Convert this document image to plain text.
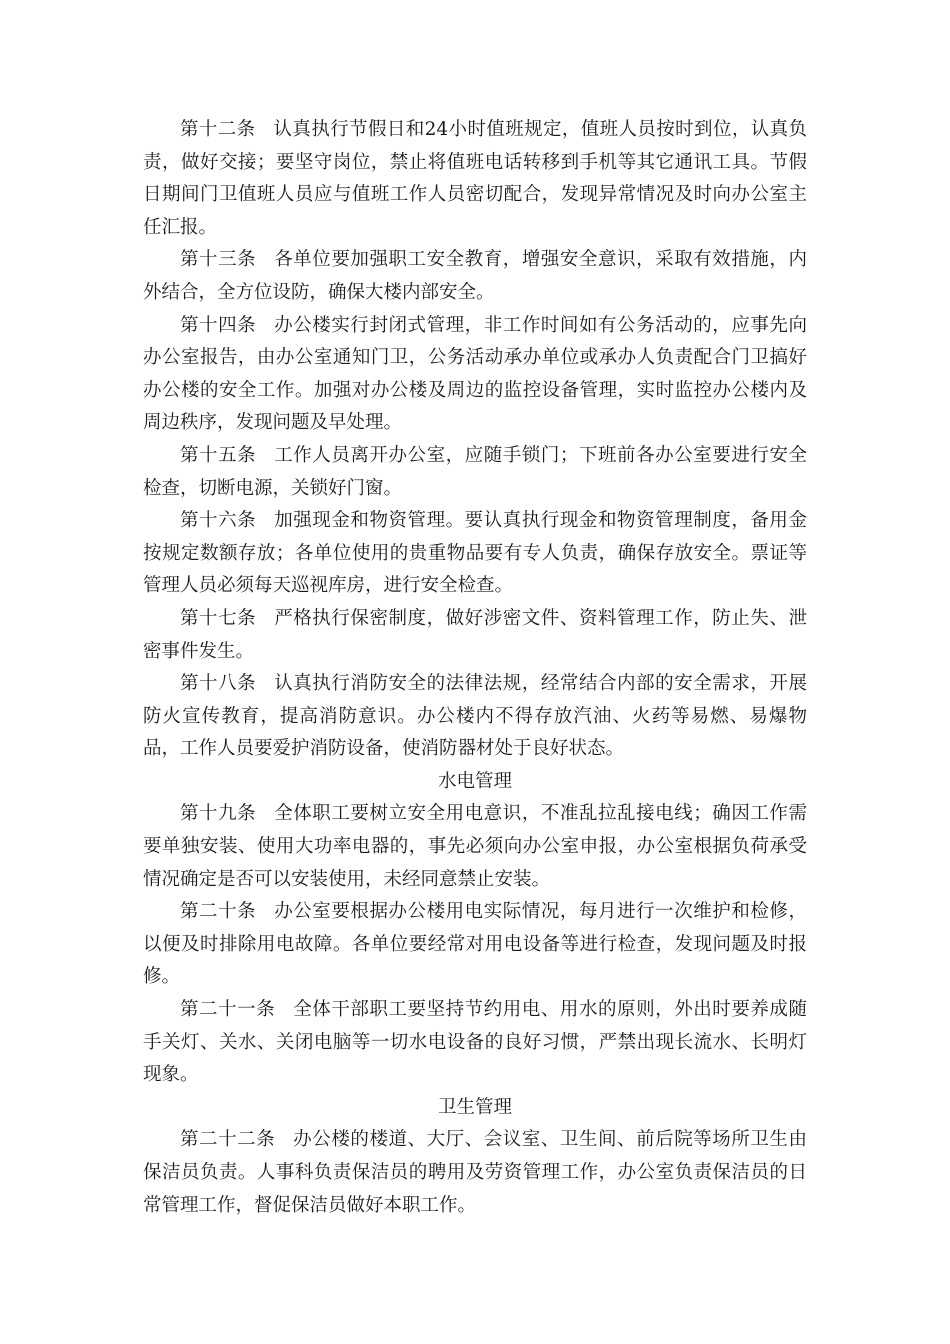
第十二条 认真执行节假日和24小时值班规定，值班人员按时到位，认真负责，做好交接；要坚守岗位，禁止将值班电话转移到手机等其它通讯工具。节假日期间门卫值班人员应与值班工作人员密切配合，发现异常情况及时向办公室主任汇报。

第十三条 各单位要加强职工安全教育，增强安全意识，采取有效措施，内外结合，全方位设防，确保大楼内部安全。

第十四条 办公楼实行封闭式管理，非工作时间如有公务活动的，应事先向办公室报告，由办公室通知门卫，公务活动承办单位或承办人负责配合门卫搞好办公楼的安全工作。加强对办公楼及周边的监控设备管理，实时监控办公楼内及周边秩序，发现问题及早处理。

第十五条 工作人员离开办公室，应随手锁门；下班前各办公室要进行安全检查，切断电源，关锁好门窗。

第十六条 加强现金和物资管理。要认真执行现金和物资管理制度，备用金按规定数额存放；各单位使用的贵重物品要有专人负责，确保存放安全。票证等管理人员必须每天巡视库房，进行安全检查。

第十七条 严格执行保密制度，做好涉密文件、资料管理工作，防止失、泄密事件发生。

第十八条 认真执行消防安全的法律法规，经常结合内部的安全需求，开展防火宣传教育，提高消防意识。办公楼内不得存放汽油、火药等易燃、易爆物品，工作人员要爱护消防设备，使消防器材处于良好状态。

水电管理

第十九条 全体职工要树立安全用电意识，不准乱拉乱接电线；确因工作需要单独安装、使用大功率电器的，事先必须向办公室申报，办公室根据负荷承受情况确定是否可以安装使用，未经同意禁止安装。

第二十条 办公室要根据办公楼用电实际情况，每月进行一次维护和检修，以便及时排除用电故障。各单位要经常对用电设备等进行检查，发现问题及时报修。

第二十一条 全体干部职工要坚持节约用电、用水的原则，外出时要养成随手关灯、关水、关闭电脑等一切水电设备的良好习惯，严禁出现长流水、长明灯现象。

卫生管理

第二十二条 办公楼的楼道、大厅、会议室、卫生间、前后院等场所卫生由保洁员负责。人事科负责保洁员的聘用及劳资管理工作，办公室负责保洁员的日常管理工作，督促保洁员做好本职工作。
